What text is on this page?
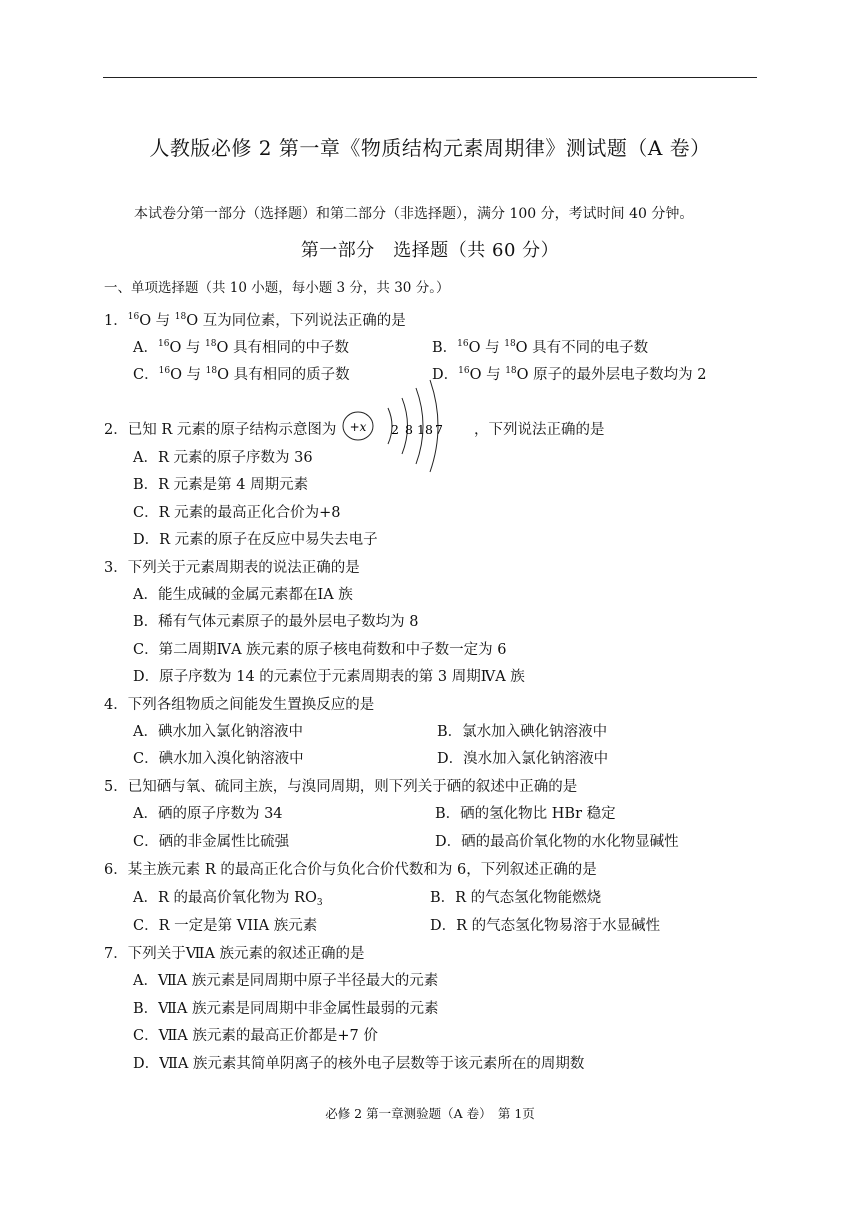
人教版必修 2 第一章《物质结构元素周期律》测试题（A 卷）
本试卷分第一部分（选择题）和第二部分（非选择题），满分 100 分，考试时间 40 分钟。
第一部分　选择题（共 60 分）
一、单项选择题（共 10 小题，每小题 3 分，共 30 分。）
1．$^{16}$O 与 $^{18}$O 互为同位素，下列说法正确的是
A．$^{16}$O 与 $^{18}$O 具有相同的中子数	B．$^{16}$O 与 $^{18}$O 具有不同的电子数
C．$^{16}$O 与 $^{18}$O 具有相同的质子数	D．$^{16}$O 与 $^{18}$O 原子的最外层电子数均为 2
2．已知 R 元素的原子结构示意图为	，下列说法正确的是
+x 2 8 18 7
A．R 元素的原子序数为 36
B．R 元素是第 4 周期元素
C．R 元素的最高正化合价为+8
D．R 元素的原子在反应中易失去电子
3．下列关于元素周期表的说法正确的是
A．能生成碱的金属元素都在ⅠA 族
B．稀有气体元素原子的最外层电子数均为 8
C．第二周期ⅣA 族元素的原子核电荷数和中子数一定为 6
D．原子序数为 14 的元素位于元素周期表的第 3 周期ⅣA 族
4．下列各组物质之间能发生置换反应的是
A．碘水加入氯化钠溶液中	B．氯水加入碘化钠溶液中
C．碘水加入溴化钠溶液中	D．溴水加入氯化钠溶液中
5．已知硒与氧、硫同主族，与溴同周期，则下列关于硒的叙述中正确的是
A．硒的原子序数为 34	B．硒的氢化物比 HBr 稳定
C．硒的非金属性比硫强	D．硒的最高价氧化物的水化物显碱性
6．某主族元素 R 的最高正化合价与负化合价代数和为 6，下列叙述正确的是
A．R 的最高价氧化物为 $RO_3$	B．R 的气态氢化物能燃烧
C．R 一定是第 VIIA 族元素	D．R 的气态氢化物易溶于水显碱性
7．下列关于ⅦA 族元素的叙述正确的是
A．ⅦA 族元素是同周期中原子半径最大的元素
B．ⅦA 族元素是同周期中非金属性最弱的元素
C．ⅦA 族元素的最高正价都是+7 价
D．ⅦA 族元素其简单阴离子的核外电子层数等于该元素所在的周期数
必修 2 第一章测验题（A 卷）　第 1页
